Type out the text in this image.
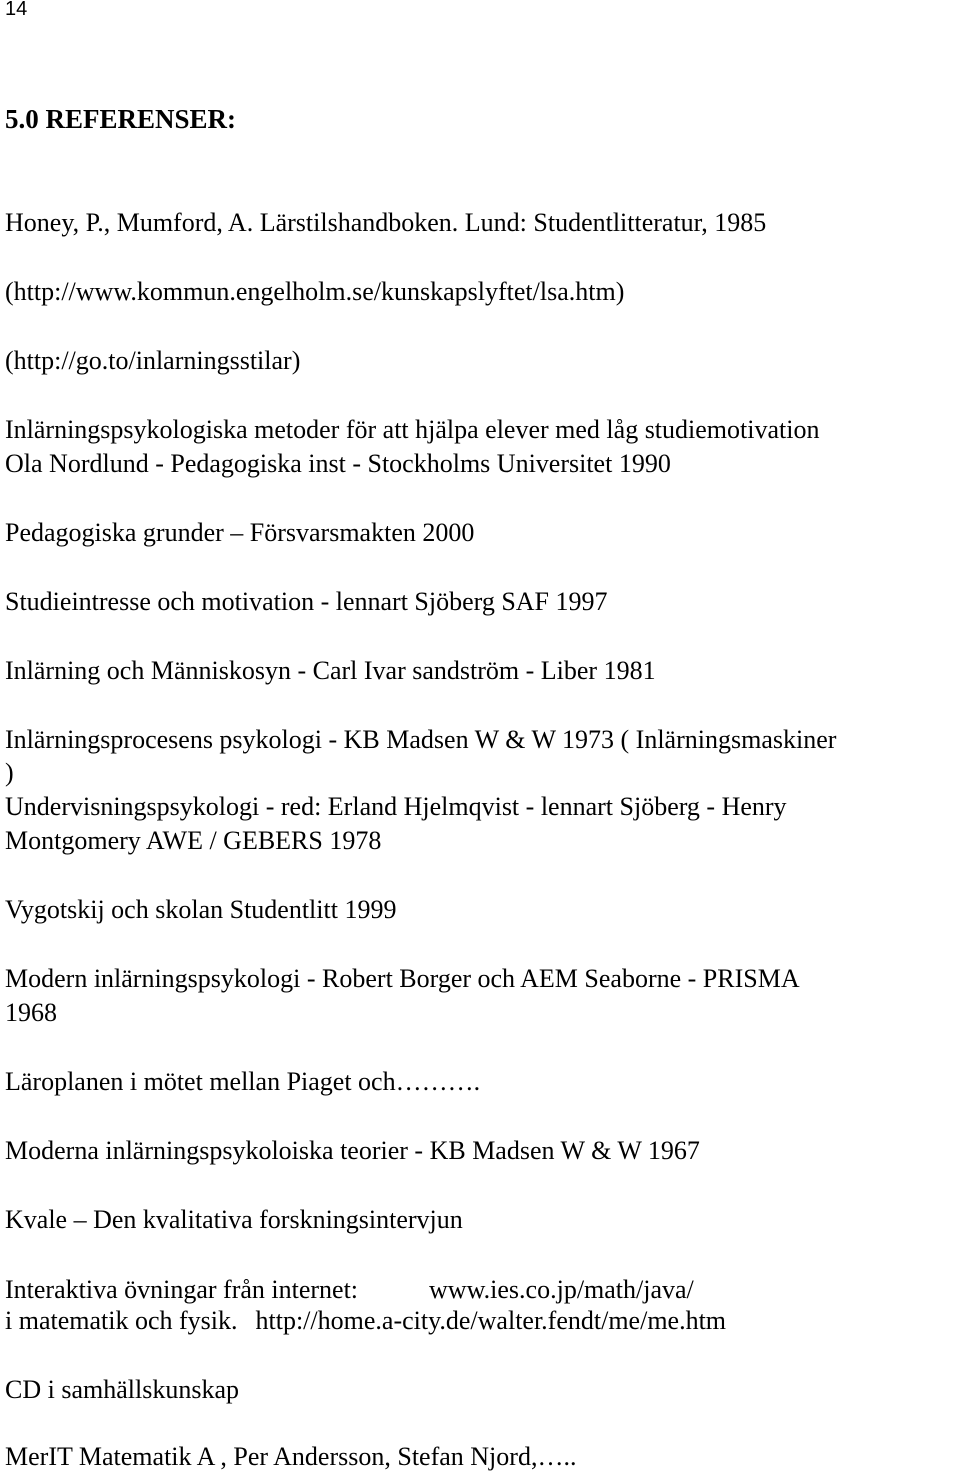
14
5.0 REFERENSER:
Honey, P., Mumford, A. Lärstilshandboken. Lund: Studentlitteratur, 1985
(http://www.kommun.engelholm.se/kunskapslyftet/lsa.htm)
(http://go.to/inlarningsstilar)
Inlärningspsykologiska metoder för att hjälpa elever med låg studiemotivation
Ola Nordlund - Pedagogiska inst - Stockholms Universitet 1990
Pedagogiska grunder – Försvarsmakten 2000
Studieintresse och motivation - lennart Sjöberg SAF 1997
Inlärning och Människosyn - Carl Ivar sandström - Liber 1981
Inlärningsprocesens psykologi - KB Madsen W & W 1973 ( Inlärningsmaskiner
)
Undervisningspsykologi - red: Erland Hjelmqvist - lennart Sjöberg - Henry
Montgomery AWE / GEBERS 1978
Vygotskij och skolan Studentlitt 1999
Modern inlärningspsykologi - Robert Borger och AEM Seaborne - PRISMA
1968
Läroplanen i mötet mellan Piaget och……….
Moderna inlärningspsykoloiska teorier - KB Madsen W & W 1967
Kvale – Den kvalitativa forskningsintervjun
Interaktiva övningar från internet:	www.ies.co.jp/math/java/
i matematik och fysik. http://home.a-city.de/walter.fendt/me/me.htm
CD i samhällskunskap
MerIT Matematik A , Per Andersson, Stefan Njord,…..
